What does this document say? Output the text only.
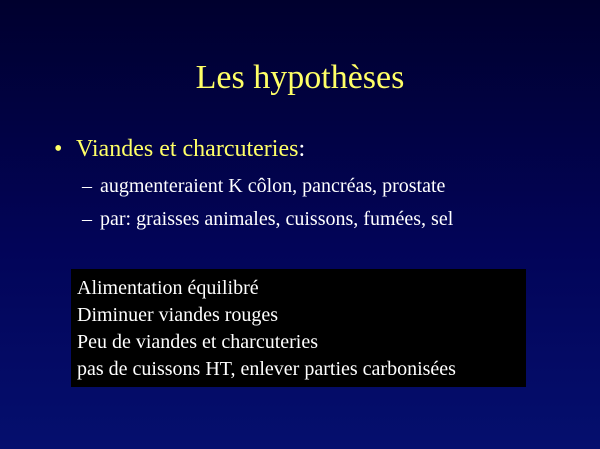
Les hypothèses
• Viandes et charcuteries:
– augmenteraient K côlon, pancréas, prostate
– par: graisses animales, cuissons, fumées, sel
Alimentation équilibré
Diminuer viandes rouges
Peu de viandes et charcuteries
pas de cuissons HT, enlever parties carbonisées
